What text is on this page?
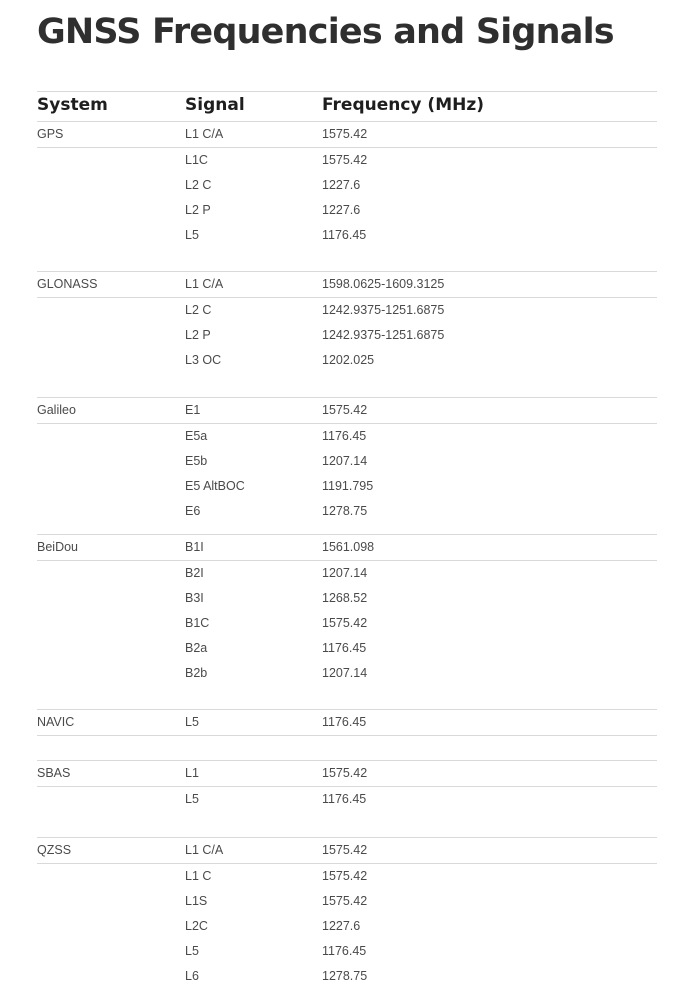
GNSS Frequencies and Signals
System	Signal	Frequency (MHz)
GPS	L1 C/A	1575.42
L1C	1575.42
L2 C	1227.6
L2 P	1227.6
L5	1176.45
GLONASS	L1 C/A	1598.0625-1609.3125
L2 C	1242.9375-1251.6875
L2 P	1242.9375-1251.6875
L3 OC	1202.025
Galileo	E1	1575.42
E5a	1176.45
E5b	1207.14
E5 AltBOC	1191.795
E6	1278.75
BeiDou	B1I	1561.098
B2I	1207.14
B3I	1268.52
B1C	1575.42
B2a	1176.45
B2b	1207.14
NAVIC	L5	1176.45
SBAS	L1	1575.42
L5	1176.45
QZSS	L1 C/A	1575.42
L1 C	1575.42
L1S	1575.42
L2C	1227.6
L5	1176.45
L6	1278.75
